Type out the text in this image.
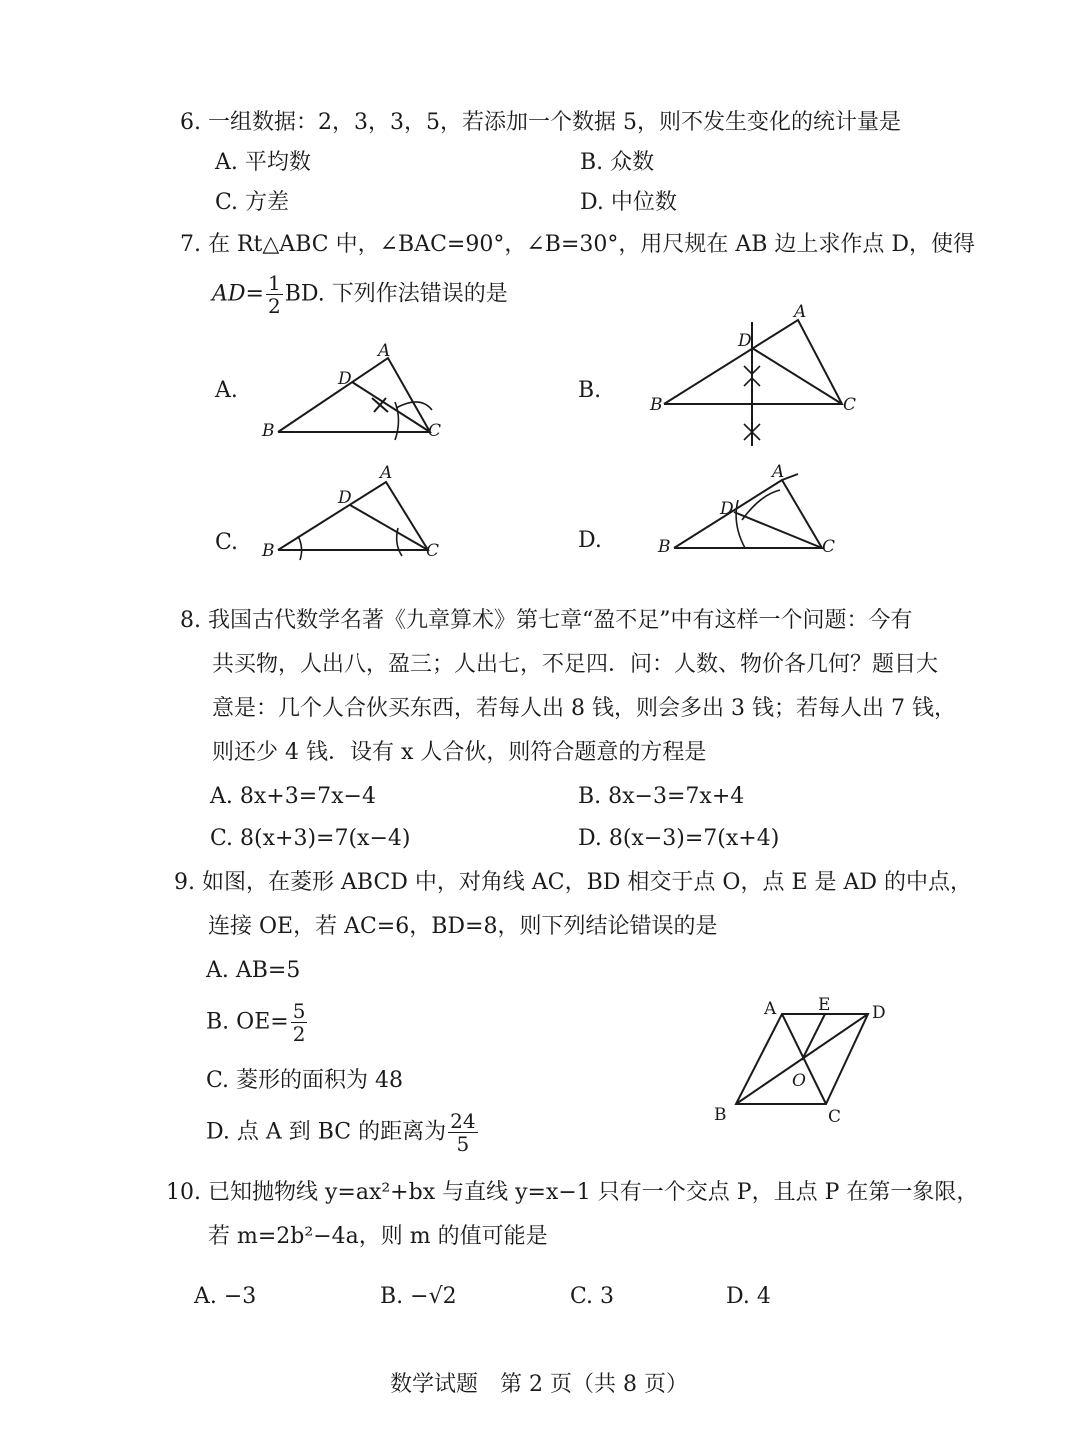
6. 一组数据：2，3，3，5，若添加一个数据 5，则不发生变化的统计量是
A. 平均数	B. 众数
C. 方差	D. 中位数
7. 在 Rt△ABC 中，∠BAC=90°，∠B=30°，用尺规在 AB 边上求作点 D，使得
$AD= \frac{1}{2}$ BD. 下列作法错误的是
A.	B.
C.	D.
A
B	C
D
A
B	C
D
A
B	C
D
A
B	C
D
8. 我国古代数学名著《九章算术》第七章“盈不足”中有这样一个问题：今有
共买物，人出八，盈三；人出七，不足四．问：人数、物价各几何？题目大
意是：几个人合伙买东西，若每人出 8 钱，则会多出 3 钱；若每人出 7 钱，
则还少 4 钱．设有 x 人合伙，则符合题意的方程是
A. 8x+3=7x−4	B. 8x−3=7x+4
C. 8(x+3)=7(x−4)	D. 8(x−3)=7(x+4)
9. 如图，在菱形 ABCD 中，对角线 AC，BD 相交于点 O，点 E 是 AD 的中点，
连接 OE，若 AC=6，BD=8，则下列结论错误的是
A. AB=5
B. $OE= \frac{5}{2}$
C. 菱形的面积为 48
D. 点 A 到 BC 的距离为 $\frac{24}{5}$
A E D
O
B	C
10. 已知抛物线 y=ax²+bx 与直线 y=x−1 只有一个交点 P，且点 P 在第一象限，
若 m=2b²−4a，则 m 的值可能是
A. −3	B. −√2	C. 3	D. 4
数学试题　第 2 页（共 8 页）
